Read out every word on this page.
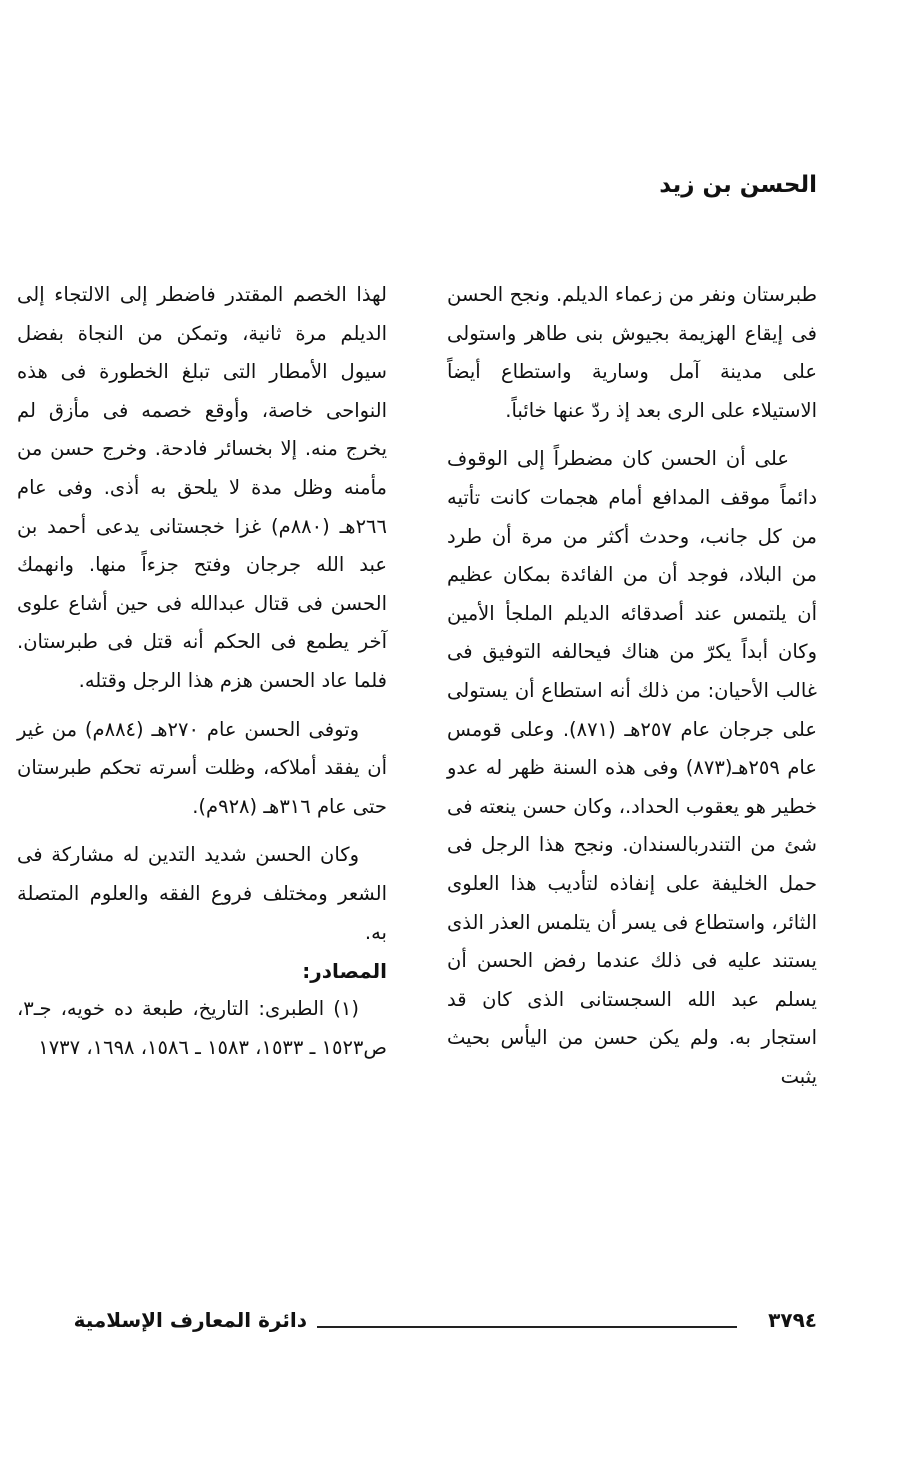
الحسن بن زيد

طبرستان ونفر من زعماء الديلم. ونجح الحسن فى إيقاع الهزيمة بجيوش بنى طاهر واستولى على مدينة آمل وسارية واستطاع أيضاً الاستيلاء على الرى بعد إذ ردّ عنها خائباً.

على أن الحسن كان مضطراً إلى الوقوف دائماً موقف المدافع أمام هجمات كانت تأتيه من كل جانب، وحدث أكثر من مرة أن طرد من البلاد، فوجد أن من الفائدة بمكان عظيم أن يلتمس عند أصدقائه الديلم الملجأ الأمين وكان أبداً يكرّ من هناك فيحالفه التوفيق فى غالب الأحيان: من ذلك أنه استطاع أن يستولى على جرجان عام ٢٥٧هـ (٨٧١). وعلى قومس عام ٢٥٩هـ(٨٧٣) وفى هذه السنة ظهر له عدو خطير هو يعقوب الحداد.، وكان حسن ينعته فى شئ من التندربالسندان. ونجح هذا الرجل فى حمل الخليفة على إنفاذه لتأديب هذا العلوى الثائر، واستطاع فى يسر أن يتلمس العذر الذى يستند عليه فى ذلك عندما رفض الحسن أن يسلم عبد الله السجستانى الذى كان قد استجار به. ولم يكن حسن من اليأس بحيث يثبت

لهذا الخصم المقتدر فاضطر إلى الالتجاء إلى الديلم مرة ثانية، وتمكن من النجاة بفضل سيول الأمطار التى تبلغ الخطورة فى هذه النواحى خاصة، وأوقع خصمه فى مأزق لم يخرج منه. إلا بخسائر فادحة. وخرج حسن من مأمنه وظل مدة لا يلحق به أذى. وفى عام ٢٦٦هـ (٨٨٠م) غزا خجستانى يدعى أحمد بن عبد الله جرجان وفتح جزءاً منها. وانهمك الحسن فى قتال عبدالله فى حين أشاع علوى آخر يطمع فى الحكم أنه قتل فى طبرستان. فلما عاد الحسن هزم هذا الرجل وقتله.

وتوفى الحسن عام ٢٧٠هـ (٨٨٤م) من غير أن يفقد أملاكه، وظلت أسرته تحكم طبرستان حتى عام ٣١٦هـ (٩٢٨م).

وكان الحسن شديد التدين له مشاركة فى الشعر ومختلف فروع الفقه والعلوم المتصلة به.

المصادر:

(١) الطبرى: التاريخ، طبعة ده خويه، جـ٣، ص١٥٢٣ ـ ١٥٣٣، ١٥٨٣ ـ ١٥٨٦، ١٦٩٨، ١٧٣٧

٣٧٩٤
دائرة المعارف الإسلامية
